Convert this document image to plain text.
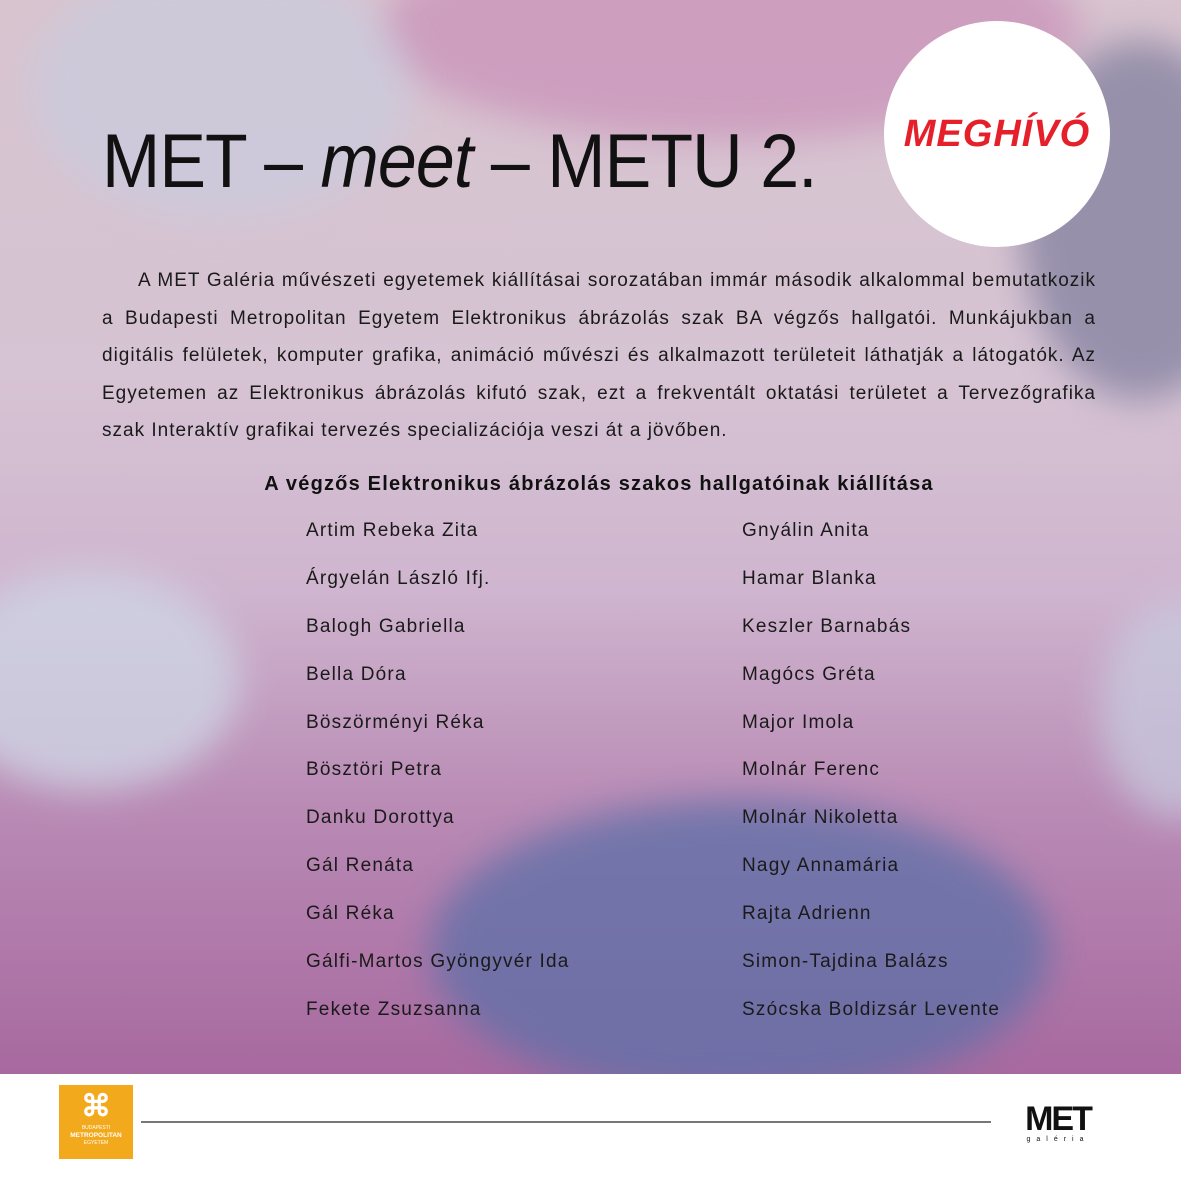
MET – meet – METU 2. MEGHÍVÓ

A MET Galéria művészeti egyetemek kiállításai sorozatában immár második alkalommal bemutatkozik a Budapesti Metropolitan Egyetem Elektronikus ábrázolás szak BA végzős hallgatói. Munkájukban a digitális felületek, komputer grafika, animáció művészi és alkalmazott területeit láthatják a látogatók. Az Egyetemen az Elektronikus ábrázolás kifutó szak, ezt a frekventált oktatási területet a Tervezőgrafika szak Interaktív grafikai tervezés specializációja veszi át a jövőben.

A végzős Elektronikus ábrázolás szakos hallgatóinak kiállítása
Artim Rebeka Zita
Árgyelán László Ifj.
Balogh Gabriella
Bella Dóra
Böszörményi Réka
Bösztöri Petra
Danku Dorottya
Gál Renáta
Gál Réka
Gálfi-Martos Gyöngyvér Ida
Fekete Zsuzsanna
Gnyálin Anita
Hamar Blanka
Keszler Barnabás
Magócs Gréta
Major Imola
Molnár Ferenc
Molnár Nikoletta
Nagy Annamária
Rajta Adrienn
Simon-Tajdina Balázs
Szócska Boldizsár Levente
⌘
BUDAPESTI
METROPOLITAN
EGYETEM
MET
galéria
